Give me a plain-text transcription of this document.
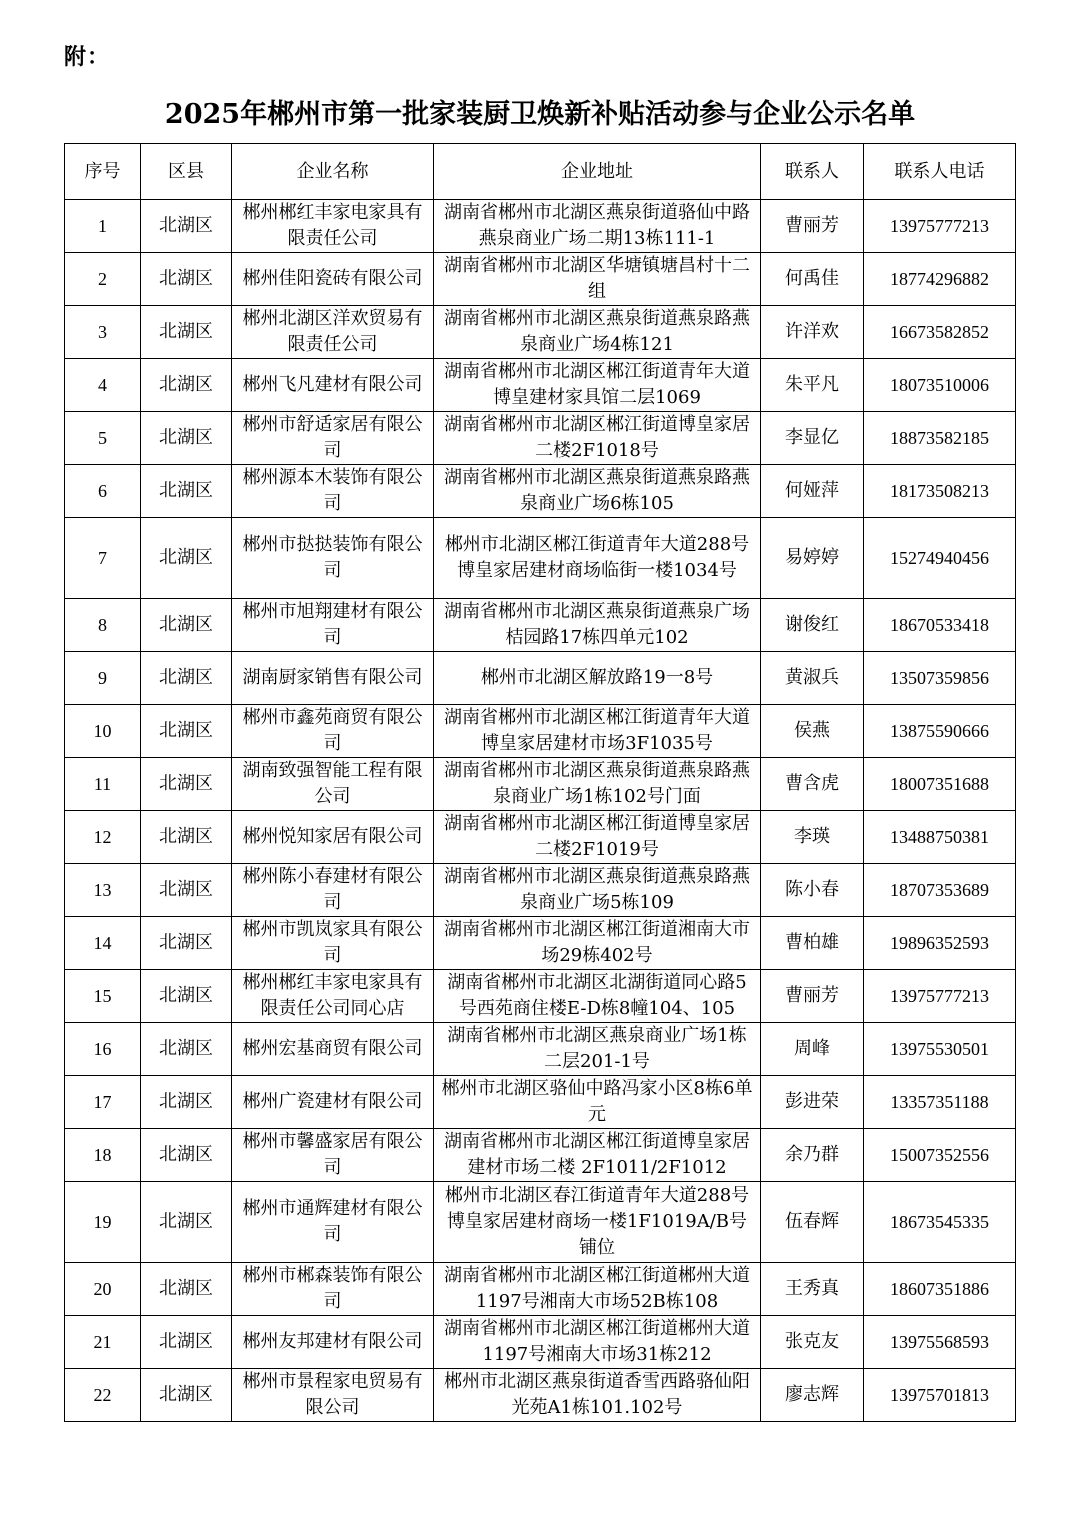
附：
2025年郴州市第一批家装厨卫焕新补贴活动参与企业公示名单
序号	区县	企业名称	企业地址	联系人	联系人电话
1	北湖区	郴州郴红丰家电家具有限责任公司	湖南省郴州市北湖区燕泉街道骆仙中路燕泉商业广场二期13栋111-1	曹丽芳	13975777213
2	北湖区	郴州佳阳瓷砖有限公司	湖南省郴州市北湖区华塘镇塘昌村十二组	何禹佳	18774296882
3	北湖区	郴州北湖区洋欢贸易有限责任公司	湖南省郴州市北湖区燕泉街道燕泉路燕泉商业广场4栋121	许洋欢	16673582852
4	北湖区	郴州飞凡建材有限公司	湖南省郴州市北湖区郴江街道青年大道博皇建材家具馆二层1069	朱平凡	18073510006
5	北湖区	郴州市舒适家居有限公司	湖南省郴州市北湖区郴江街道博皇家居二楼2F1018号	李显亿	18873582185
6	北湖区	郴州源本木装饰有限公司	湖南省郴州市北湖区燕泉街道燕泉路燕泉商业广场6栋105	何娅萍	18173508213
7	北湖区	郴州市挞挞装饰有限公司	郴州市北湖区郴江街道青年大道288号博皇家居建材商场临街一楼1034号	易婷婷	15274940456
8	北湖区	郴州市旭翔建材有限公司	湖南省郴州市北湖区燕泉街道燕泉广场桔园路17栋四单元102	谢俊红	18670533418
9	北湖区	湖南厨家销售有限公司	郴州市北湖区解放路19一8号	黄淑兵	13507359856
10	北湖区	郴州市鑫苑商贸有限公司	湖南省郴州市北湖区郴江街道青年大道博皇家居建材市场3F1035号	侯燕	13875590666
11	北湖区	湖南致强智能工程有限公司	湖南省郴州市北湖区燕泉街道燕泉路燕泉商业广场1栋102号门面	曹含虎	18007351688
12	北湖区	郴州悦知家居有限公司	湖南省郴州市北湖区郴江街道博皇家居二楼2F1019号	李瑛	13488750381
13	北湖区	郴州陈小春建材有限公司	湖南省郴州市北湖区燕泉街道燕泉路燕泉商业广场5栋109	陈小春	18707353689
14	北湖区	郴州市凯岚家具有限公司	湖南省郴州市北湖区郴江街道湘南大市场29栋402号	曹柏雄	19896352593
15	北湖区	郴州郴红丰家电家具有限责任公司同心店	湖南省郴州市北湖区北湖街道同心路5号西苑商住楼E-D栋8幢104、105	曹丽芳	13975777213
16	北湖区	郴州宏基商贸有限公司	湖南省郴州市北湖区燕泉商业广场1栋二层201-1号	周峰	13975530501
17	北湖区	郴州广瓷建材有限公司	郴州市北湖区骆仙中路冯家小区8栋6单元	彭进荣	13357351188
18	北湖区	郴州市馨盛家居有限公司	湖南省郴州市北湖区郴江街道博皇家居建材市场二楼 2F1011/2F1012	余乃群	15007352556
19	北湖区	郴州市通辉建材有限公司	郴州市北湖区春江街道青年大道288号博皇家居建材商场一楼1F1019A/B号铺位	伍春辉	18673545335
20	北湖区	郴州市郴森装饰有限公司	湖南省郴州市北湖区郴江街道郴州大道1197号湘南大市场52B栋108	王秀真	18607351886
21	北湖区	郴州友邦建材有限公司	湖南省郴州市北湖区郴江街道郴州大道1197号湘南大市场31栋212	张克友	13975568593
22	北湖区	郴州市景程家电贸易有限公司	郴州市北湖区燕泉街道香雪西路骆仙阳光苑A1栋101.102号	廖志辉	13975701813
